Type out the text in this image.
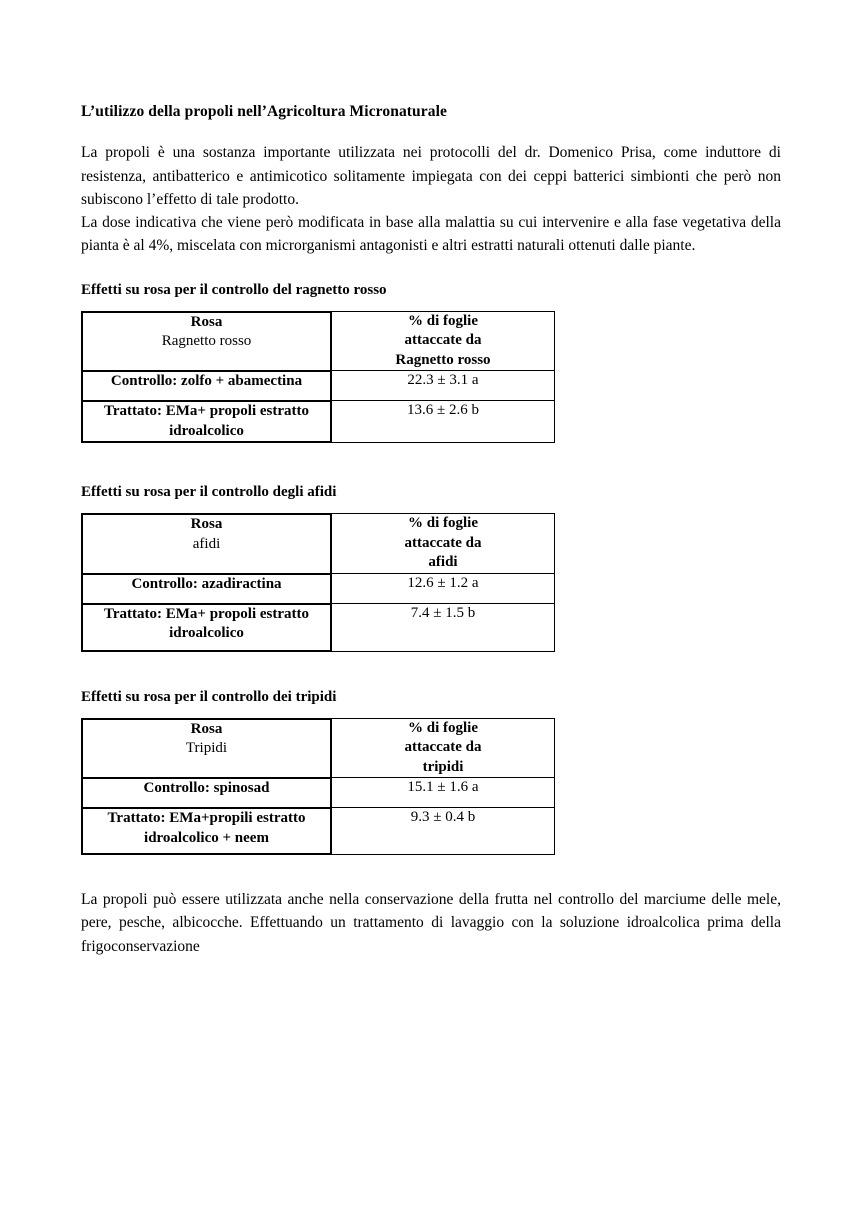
L’utilizzo della propoli nell’Agricoltura Micronaturale

La propoli è una sostanza importante utilizzata nei protocolli del dr. Domenico Prisa, come induttore di resistenza, antibatterico e antimicotico solitamente impiegata con dei ceppi batterici simbionti che però non subiscono l’effetto di tale prodotto.

La dose indicativa che viene però modificata in base alla malattia su cui intervenire e alla fase vegetativa della pianta è al 4%, miscelata con microrganismi antagonisti e altri estratti naturali ottenuti dalle piante.

Effetti su rosa per il controllo del ragnetto rosso
Rosa
Ragnetto rosso	% di foglie
attaccate da
Ragnetto rosso

Controllo: zolfo + abamectina	22.3 ± 3.1 a

Trattato: EMa+ propoli estratto
idroalcolico	13.6 ± 2.6 b
Effetti su rosa per il controllo degli afidi
Rosa
afidi	% di foglie
attaccate da
afidi

Controllo: azadiractina	12.6 ± 1.2 a

Trattato: EMa+ propoli estratto
idroalcolico	7.4 ± 1.5 b
Effetti su rosa per il controllo dei tripidi
Rosa
Tripidi	% di foglie
attaccate da
tripidi

Controllo: spinosad	15.1 ± 1.6 a

Trattato: EMa+propili estratto
idroalcolico + neem	9.3 ± 0.4 b

La propoli può essere utilizzata anche nella conservazione della frutta nel controllo del marciume delle mele, pere, pesche, albicocche. Effettuando un trattamento di lavaggio con la soluzione idroalcolica prima della frigoconservazione
